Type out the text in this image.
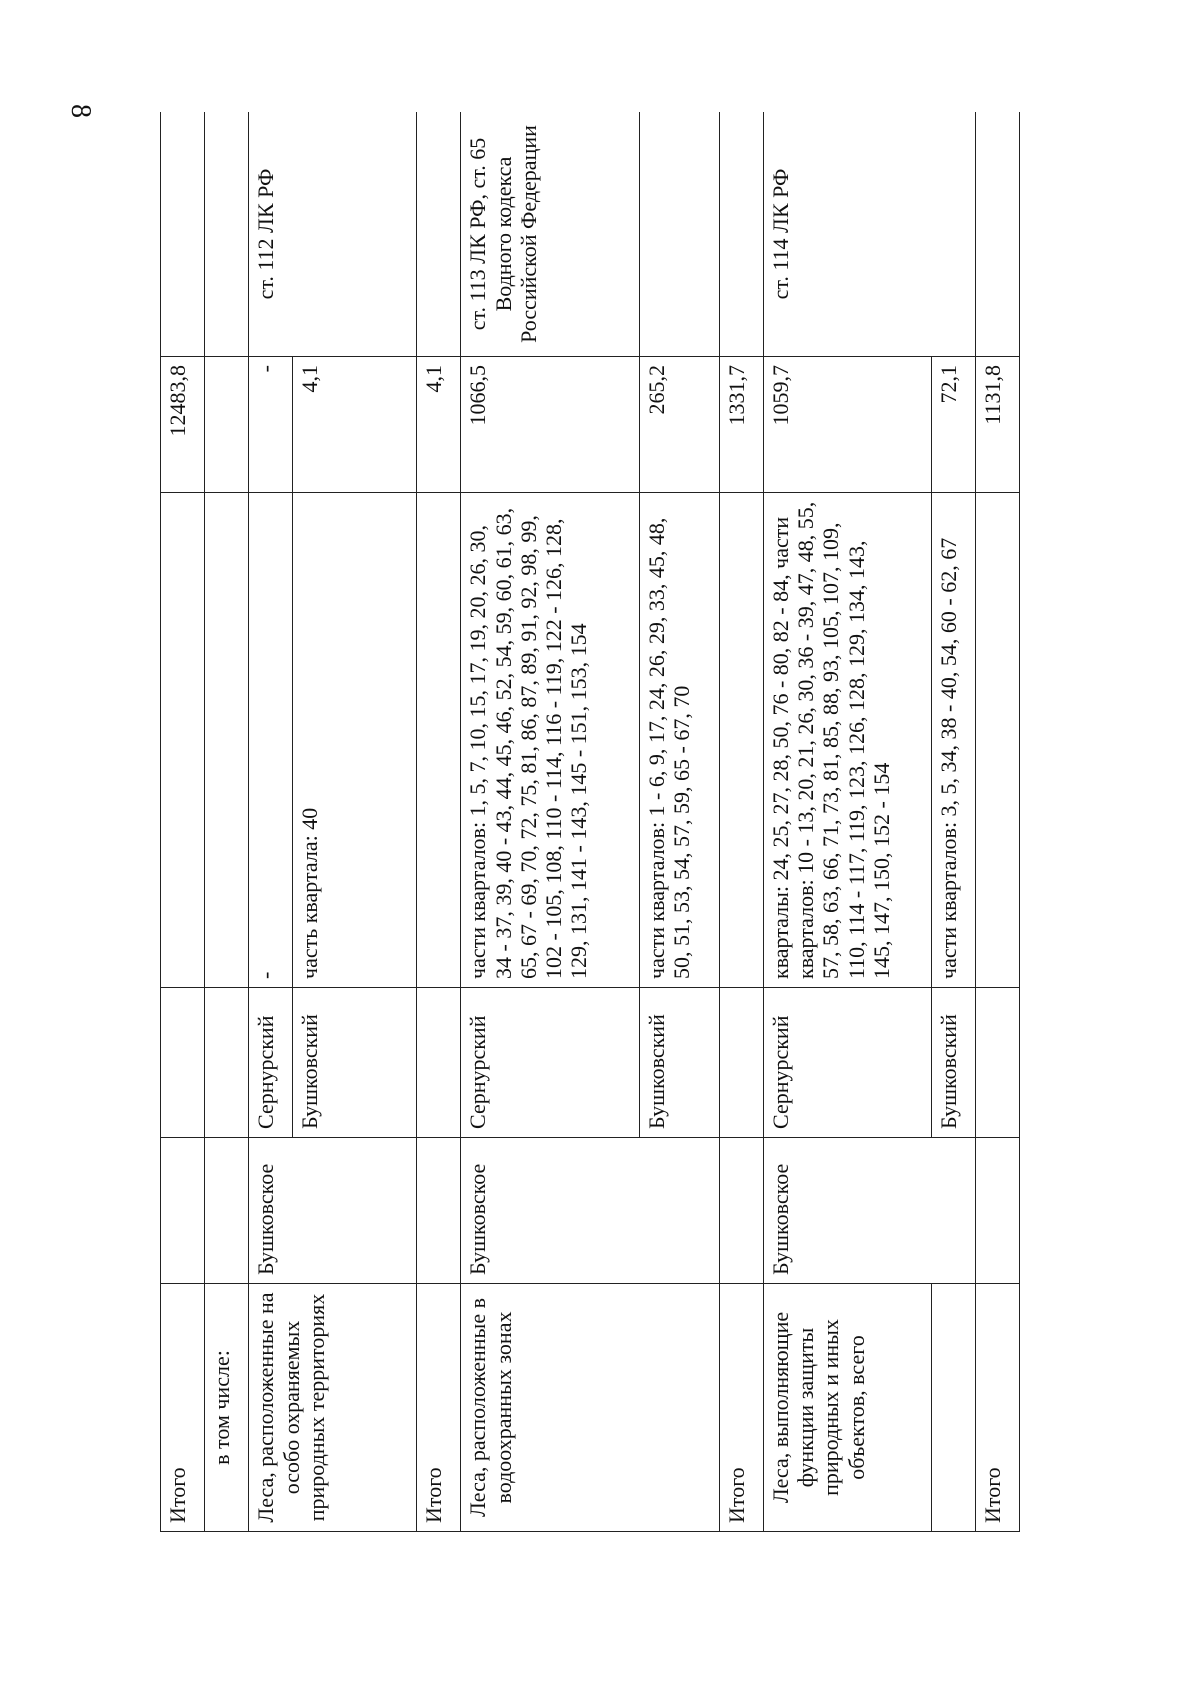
8
Итого				12483,8	
в том числе:					
Леса, расположенные на особо охраняемых природных территориях	Бушковское	Сернурский	-	-	ст. 112 ЛК РФ
		Бушковский	часть квартала: 40	4,1	
Итого				4,1	
Леса, расположенные в водоохранных зонах	Бушковское	Сернурский	части кварталов: 1, 5, 7, 10, 15, 17, 19, 20, 26, 30, 34 - 37, 39, 40 - 43, 44, 45, 46, 52, 54, 59, 60, 61, 63, 65, 67 - 69, 70, 72, 75, 81, 86, 87, 89, 91, 92, 98, 99, 102 - 105, 108, 110 - 114, 116 - 119, 122 - 126, 128, 129, 131, 141 - 143, 145 - 151, 153, 154	1066,5	ст. 113 ЛК РФ, ст. 65 Водного кодекса Российской Федерации
		Бушковский	части кварталов: 1 - 6, 9, 17, 24, 26, 29, 33, 45, 48, 50, 51, 53, 54, 57, 59, 65 - 67, 70	265,2	
Итого				1331,7	
Леса, выполняющие функции защиты природных и иных объектов, всего	Бушковское	Сернурский	кварталы: 24, 25, 27, 28, 50, 76 - 80, 82 - 84, части кварталов: 10 - 13, 20, 21, 26, 30, 36 - 39, 47, 48, 55, 57, 58, 63, 66, 71, 73, 81, 85, 88, 93, 105, 107, 109, 110, 114 - 117, 119, 123, 126, 128, 129, 134, 143, 145, 147, 150, 152 - 154	1059,7	ст. 114 ЛК РФ
		Бушковский	части кварталов: 3, 5, 34, 38 - 40, 54, 60 - 62, 67	72,1	
Итого				1131,8	
